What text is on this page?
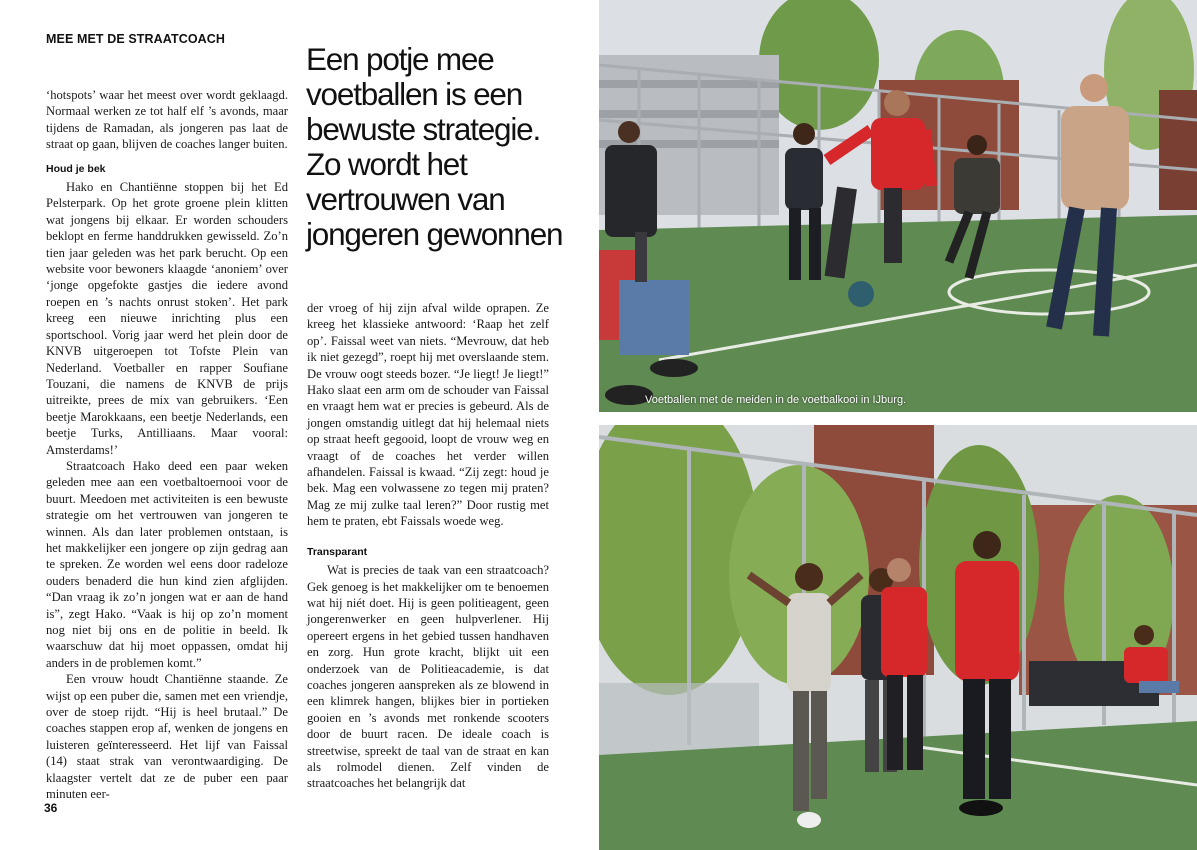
MEE MET DE STRAATCOACH

‘hotspots’ waar het meest over wordt geklaagd. Normaal werken ze tot half elf ’s avonds, maar tijdens de Ramadan, als jongeren pas laat de straat op gaan, blijven de coaches langer buiten.

Houd je bek

Hako en Chantiënne stoppen bij het Ed Pelsterpark. Op het grote groene plein klitten wat jongens bij elkaar. Er worden schouders beklopt en ferme handdrukken gewisseld. Zo’n tien jaar geleden was het park berucht. Op een website voor bewoners klaagde ‘anoniem’ over ‘jonge opgefokte gastjes die iedere avond roepen en ’s nachts onrust stoken’. Het park kreeg een nieuwe inrichting plus een sportschool. Vorig jaar werd het plein door de KNVB uitgeroepen tot Tofste Plein van Nederland. Voetballer en rapper Soufiane Touzani, die namens de KNVB de prijs uitreikte, prees de mix van gebruikers. ‘Een beetje Marokkaans, een beetje Nederlands, een beetje Turks, Antilliaans. Maar vooral: Amsterdams!’

Straatcoach Hako deed een paar weken geleden mee aan een voetbaltoernooi voor de buurt. Meedoen met activiteiten is een bewuste strategie om het vertrouwen van jongeren te winnen. Als dan later problemen ontstaan, is het makkelijker een jongere op zijn gedrag aan te spreken. Ze worden wel eens door radeloze ouders benaderd die hun kind zien afglijden. “Dan vraag ik zo’n jongen wat er aan de hand is”, zegt Hako. “Vaak is hij op zo’n moment nog niet bij ons en de politie in beeld. Ik waarschuw dat hij moet oppassen, omdat hij anders in de problemen komt.”

Een vrouw houdt Chantiënne staande. Ze wijst op een puber die, samen met een vriendje, over de stoep rijdt. “Hij is heel brutaal.” De coaches stappen erop af, wenken de jongens en luisteren geïnteresseerd. Het lijf van Faissal (14) staat strak van verontwaardiging. De klaagster vertelt dat ze de puber een paar minuten eer-

Een potje mee voetballen is een bewuste strategie. Zo wordt het vertrouwen van jongeren gewonnen

der vroeg of hij zijn afval wilde oprapen. Ze kreeg het klassieke antwoord: ‘Raap het zelf op’. Faissal weet van niets. “Mevrouw, dat heb ik niet gezegd”, roept hij met overslaande stem. De vrouw oogt steeds bozer. “Je liegt! Je liegt!” Hako slaat een arm om de schouder van Faissal en vraagt hem wat er precies is gebeurd. Als de jongen omstandig uitlegt dat hij helemaal niets op straat heeft gegooid, loopt de vrouw weg en vraagt of de coaches het verder willen afhandelen. Faissal is kwaad. “Zij zegt: houd je bek. Mag een volwassene zo tegen mij praten? Mag ze mij zulke taal leren?” Door rustig met hem te praten, ebt Faissals woede weg.

Transparant

Wat is precies de taak van een straatcoach? Gek genoeg is het makkelijker om te benoemen wat hij niét doet. Hij is geen politieagent, geen jongerenwerker en geen hulpverlener. Hij opereert ergens in het gebied tussen handhaven en zorg. Hun grote kracht, blijkt uit een onderzoek van de Politieacademie, is dat coaches jongeren aanspreken als ze blowend in een klimrek hangen, blijkes bier in portieken gooien en ’s avonds met ronkende scooters door de buurt racen. De ideale coach is streetwise, spreekt de taal van de straat en kan als rolmodel dienen. Zelf vinden de straatcoaches het belangrijk dat

36
Voetballen met de meiden in de voetbalkooi in IJburg.
